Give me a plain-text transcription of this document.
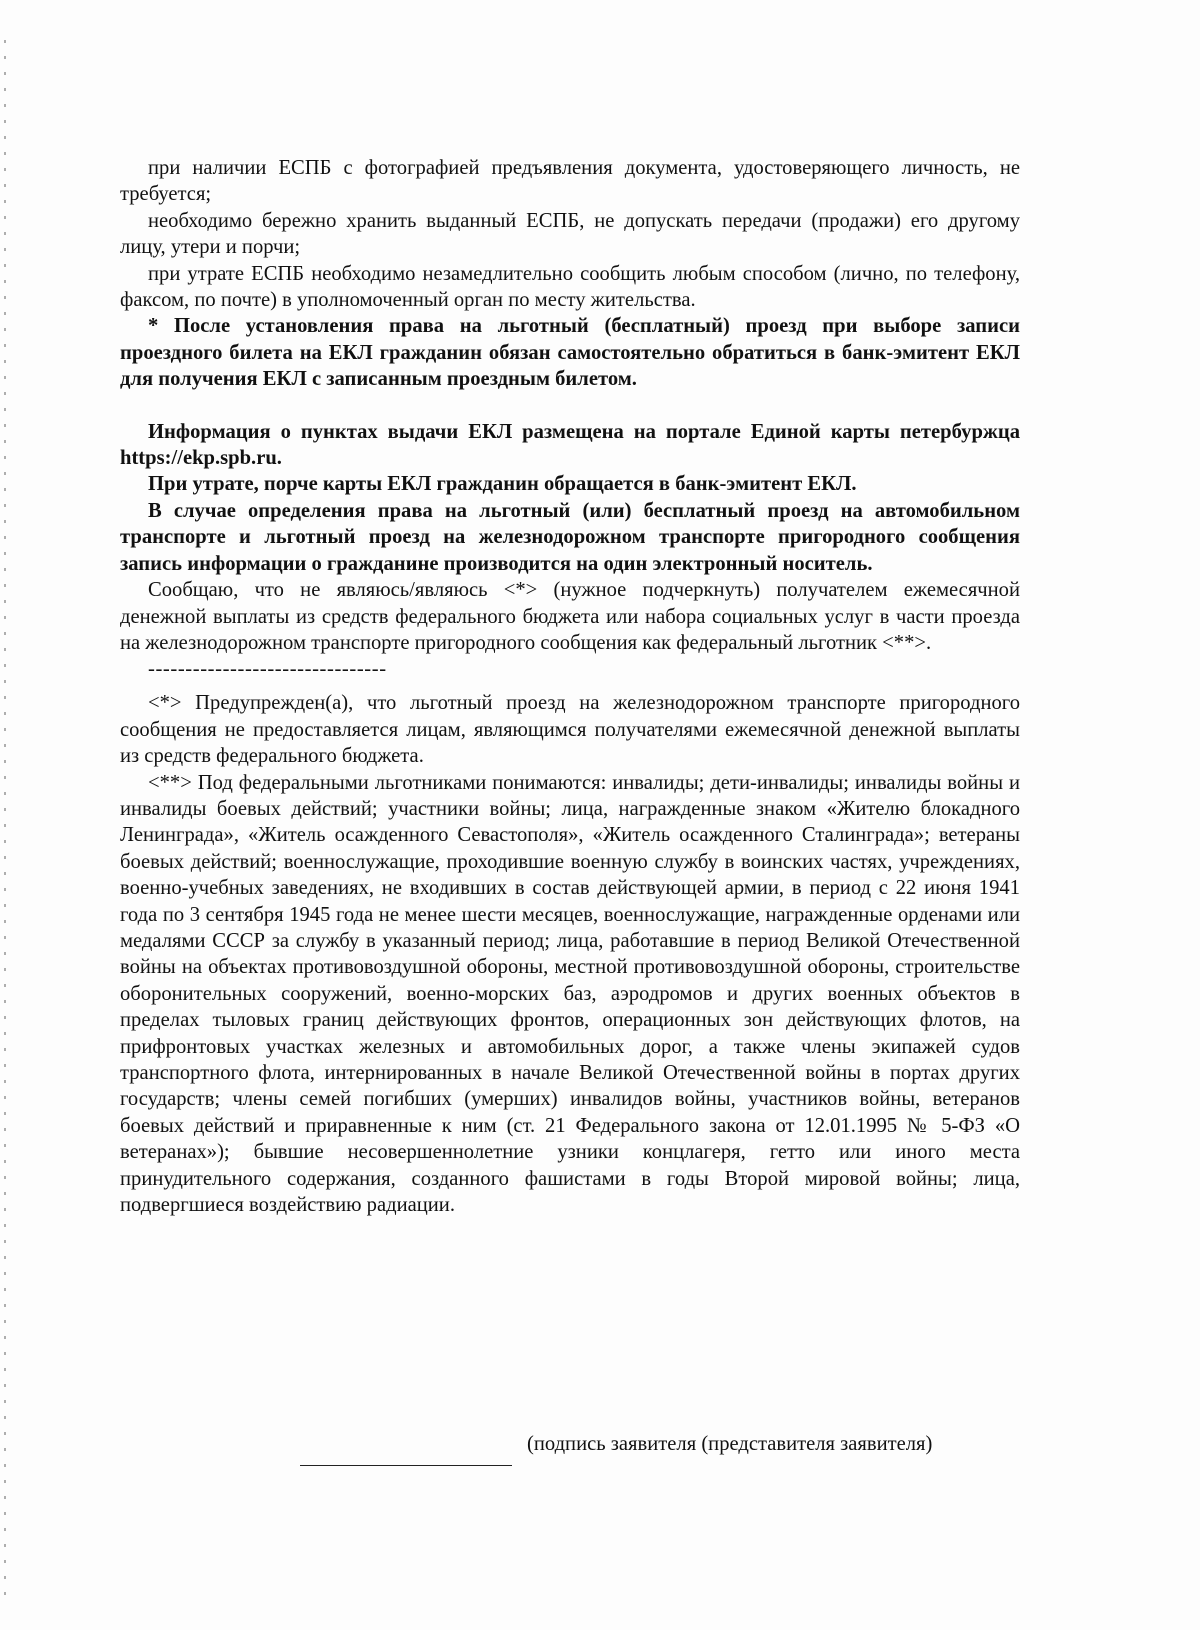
при наличии ЕСПБ с фотографией предъявления документа, удостоверяющего личность, не требуется;

необходимо бережно хранить выданный ЕСПБ, не допускать передачи (продажи) его другому лицу, утери и порчи;

при утрате ЕСПБ необходимо незамедлительно сообщить любым способом (лично, по телефону, факсом, по почте) в уполномоченный орган по месту жительства.

* После установления права на льготный (бесплатный) проезд при выборе записи проездного билета на ЕКЛ гражданин обязан самостоятельно обратиться в банк-эмитент ЕКЛ для получения ЕКЛ с записанным проездным билетом.

Информация о пунктах выдачи ЕКЛ размещена на портале Единой карты петербуржца https://ekp.spb.ru.

При утрате, порче карты ЕКЛ гражданин обращается в банк-эмитент ЕКЛ.

В случае определения права на льготный (или) бесплатный проезд на автомобильном транспорте и льготный проезд на железнодорожном транспорте пригородного сообщения запись информации о гражданине производится на один электронный носитель.

Сообщаю, что не являюсь/являюсь <*> (нужное подчеркнуть) получателем ежемесячной денежной выплаты из средств федерального бюджета или набора социальных услуг в части проезда на железнодорожном транспорте пригородного сообщения как федеральный льготник <**>.

--------------------------------

<*> Предупрежден(а), что льготный проезд на железнодорожном транспорте пригородного сообщения не предоставляется лицам, являющимся получателями ежемесячной денежной выплаты из средств федерального бюджета.

<**> Под федеральными льготниками понимаются: инвалиды; дети-инвалиды; инвалиды войны и инвалиды боевых действий; участники войны; лица, награжденные знаком «Жителю блокадного Ленинграда», «Житель осажденного Севастополя», «Житель осажденного Сталинграда»; ветераны боевых действий; военнослужащие, проходившие военную службу в воинских частях, учреждениях, военно-учебных заведениях, не входивших в состав действующей армии, в период с 22 июня 1941 года по 3 сентября 1945 года не менее шести месяцев, военнослужащие, награжденные орденами или медалями СССР за службу в указанный период; лица, работавшие в период Великой Отечественной войны на объектах противовоздушной обороны, местной противовоздушной обороны, строительстве оборонительных сооружений, военно-морских баз, аэродромов и других военных объектов в пределах тыловых границ действующих фронтов, операционных зон действующих флотов, на прифронтовых участках железных и автомобильных дорог, а также члены экипажей судов транспортного флота, интернированных в начале Великой Отечественной войны в портах других государств; члены семей погибших (умерших) инвалидов войны, участников войны, ветеранов боевых действий и приравненные к ним (ст. 21 Федерального закона от 12.01.1995 № 5-ФЗ «О ветеранах»); бывшие несовершеннолетние узники концлагеря, гетто или иного места принудительного содержания, созданного фашистами в годы Второй мировой войны; лица, подвергшиеся воздействию радиации.

(подпись заявителя (представителя заявителя)
